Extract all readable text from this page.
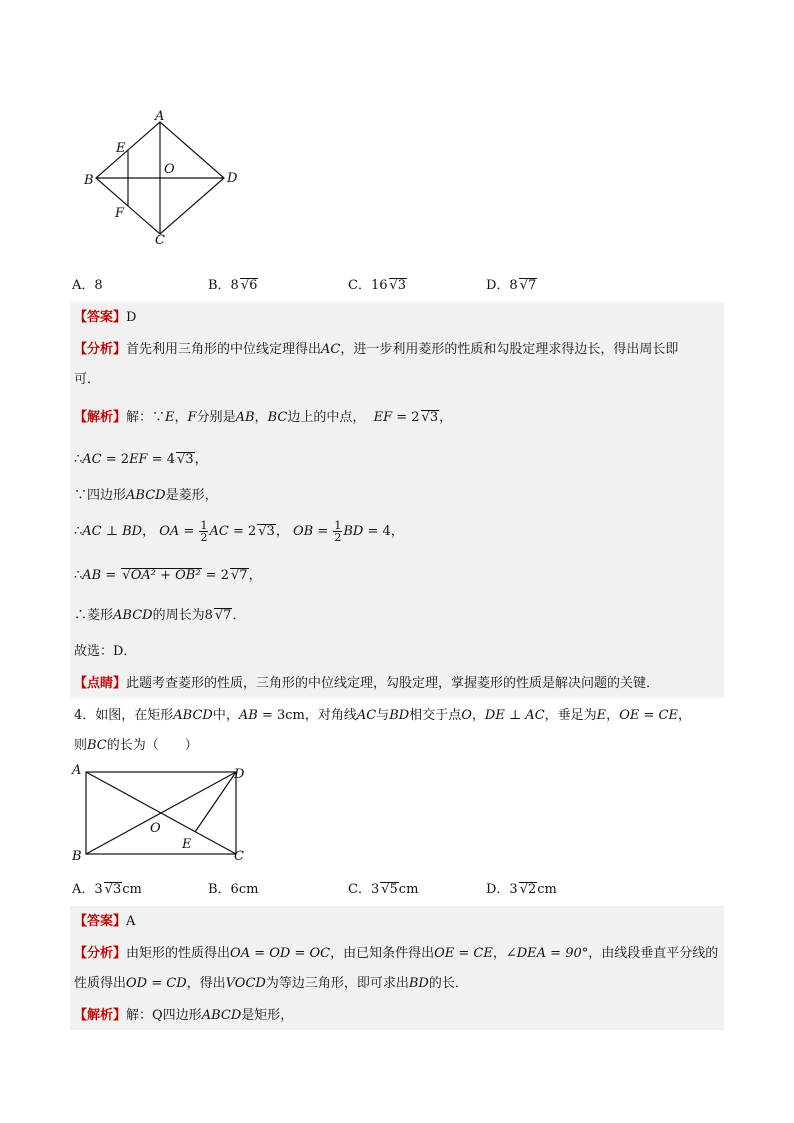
A
B
C
D
E
F
O
A．8	B．8 √6	C．16 √3	D．8 √7
【答案】D
【分析】首先利用三角形的中位线定理得出AC，进一步利用菱形的性质和勾股定理求得边长，得出周长即
可．
【解析】解：∵E，F分别是AB，BC边上的中点， EF = 2 √3，
∴AC = 2EF = 4 √3，
∵四边形ABCD是菱形，
∴AC ⊥ BD， OA = $\frac{1}{2}$ AC = 2 √3， OB = $\frac{1}{2}$ BD = 4，
∴AB = √OA² + OB² = 2 √7，
∴菱形ABCD的周长为8 √7．
故选：D．
【点睛】此题考查菱形的性质，三角形的中位线定理，勾股定理，掌握菱形的性质是解决问题的关键．
4．如图，在矩形ABCD中，AB = 3cm，对角线AC与BD相交于点O，DE ⊥ AC，垂足为E，OE = CE，
则BC的长为（　　）
A
B	C
D
E
O
A．3 √3cm	B．6cm	C．3 √5cm	D．3 √2cm
【答案】A
【分析】由矩形的性质得出OA = OD = OC，由已知条件得出OE = CE，∠DEA = 90°，由线段垂直平分线的
性质得出OD = CD，得出VOCD为等边三角形，即可求出BD的长．
【解析】解：Q四边形ABCD是矩形，
